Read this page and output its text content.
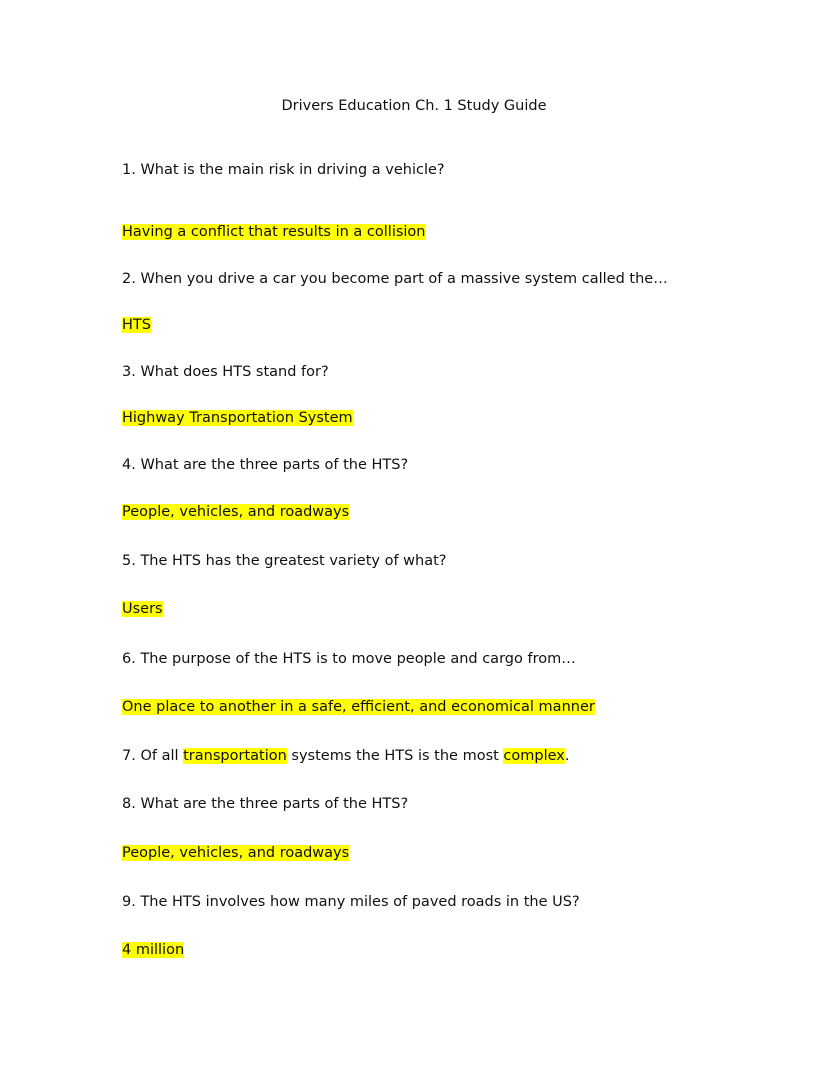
Drivers Education Ch. 1 Study Guide

1. What is the main risk in driving a vehicle?

Having a conflict that results in a collision

2. When you drive a car you become part of a massive system called the…

HTS

3. What does HTS stand for?

Highway Transportation System

4. What are the three parts of the HTS?

People, vehicles, and roadways

5. The HTS has the greatest variety of what?

Users

6. The purpose of the HTS is to move people and cargo from…

One place to another in a safe, efficient, and economical manner

7. Of all transportation systems the HTS is the most complex.

8. What are the three parts of the HTS?

People, vehicles, and roadways

9. The HTS involves how many miles of paved roads in the US?

4 million
